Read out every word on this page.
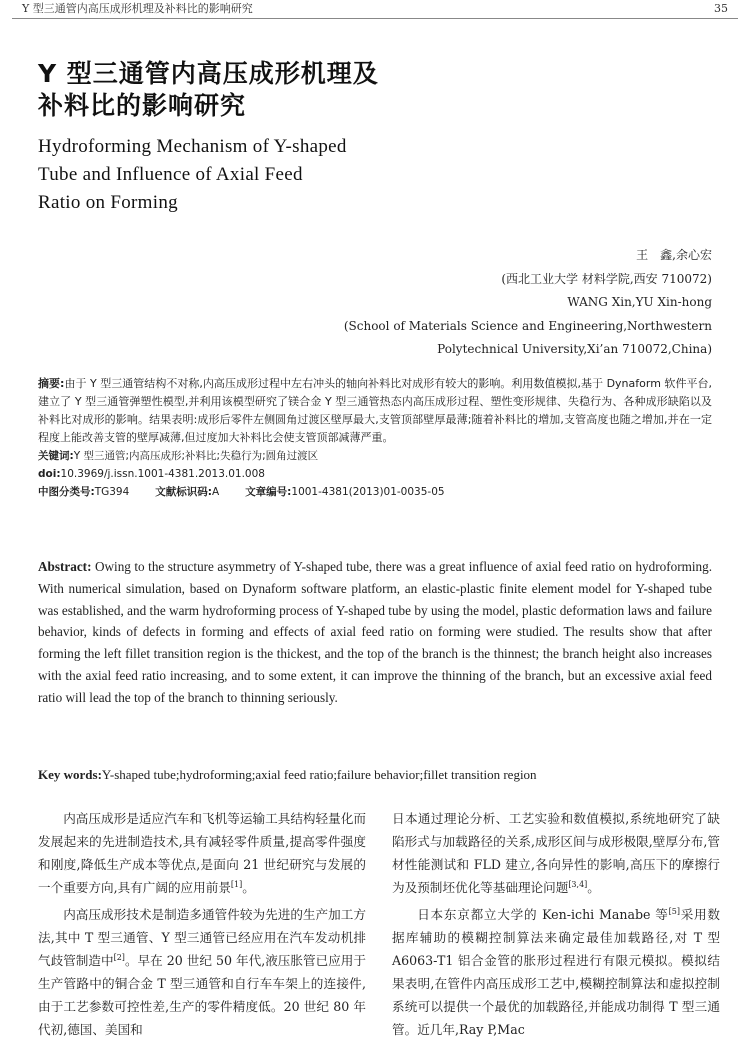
Y 型三通管内高压成形机理及补料比的影响研究	35
Y 型三通管内高压成形机理及
补料比的影响研究
Hydroforming Mechanism of Y-shaped
Tube and Influence of Axial Feed
Ratio on Forming
王　鑫,余心宏
(西北工业大学 材料学院,西安 710072)
WANG Xin,YU Xin-hong
(School of Materials Science and Engineering,Northwestern
Polytechnical University,Xi’an 710072,China)
摘要:由于 Y 型三通管结构不对称,内高压成形过程中左右冲头的轴向补料比对成形有较大的影响。利用数值模拟,基于 Dynaform 软件平台,建立了 Y 型三通管弹塑性模型,并利用该模型研究了镁合金 Y 型三通管热态内高压成形过程、塑性变形规律、失稳行为、各种成形缺陷以及补料比对成形的影响。结果表明:成形后零件左侧圆角过渡区壁厚最大,支管顶部壁厚最薄;随着补料比的增加,支管高度也随之增加,并在一定程度上能改善支管的壁厚减薄,但过度加大补料比会使支管顶部减薄严重。
关键词:Y 型三通管;内高压成形;补料比;失稳行为;圆角过渡区
doi:10.3969/j.issn.1001-4381.2013.01.008
中图分类号:TG394 文献标识码:A 文章编号:1001-4381(2013)01-0035-05
Abstract: Owing to the structure asymmetry of Y-shaped tube, there was a great influence of axial feed ratio on hydroforming. With numerical simulation, based on Dynaform software platform, an elastic-plastic finite element model for Y-shaped tube was established, and the warm hydroforming process of Y-shaped tube by using the model, plastic deformation laws and failure behavior, kinds of defects in forming and effects of axial feed ratio on forming were studied. The results show that after forming the left fillet transition region is the thickest, and the top of the branch is the thinnest; the branch height also increases with the axial feed ratio increasing, and to some extent, it can improve the thinning of the branch, but an excessive axial feed ratio will lead the top of the branch to thinning seriously.
Key words:Y-shaped tube;hydroforming;axial feed ratio;failure behavior;fillet transition region

内高压成形是适应汽车和飞机等运输工具结构轻量化而发展起来的先进制造技术,具有减轻零件质量,提高零件强度和刚度,降低生产成本等优点,是面向 21 世纪研究与发展的一个重要方向,具有广阔的应用前景[1]。

内高压成形技术是制造多通管件较为先进的生产加工方法,其中 T 型三通管、Y 型三通管已经应用在汽车发动机排气歧管制造中[2]。早在 20 世纪 50 年代,液压胀管已应用于生产管路中的铜合金 T 型三通管和自行车车架上的连接件,由于工艺参数可控性差,生产的零件精度低。20 世纪 80 年代初,德国、美国和

日本通过理论分析、工艺实验和数值模拟,系统地研究了缺陷形式与加载路径的关系,成形区间与成形极限,壁厚分布,管材性能测试和 FLD 建立,各向异性的影响,高压下的摩擦行为及预制坯优化等基础理论问题[3,4]。

日本东京都立大学的 Ken-ichi Manabe 等[5]采用数据库辅助的模糊控制算法来确定最佳加载路径,对 T 型 A6063-T1 铝合金管的胀形过程进行有限元模拟。模拟结果表明,在管件内高压成形工艺中,模糊控制算法和虚拟控制系统可以提供一个最优的加载路径,并能成功制得 T 型三通管。近几年,Ray P,Mac
